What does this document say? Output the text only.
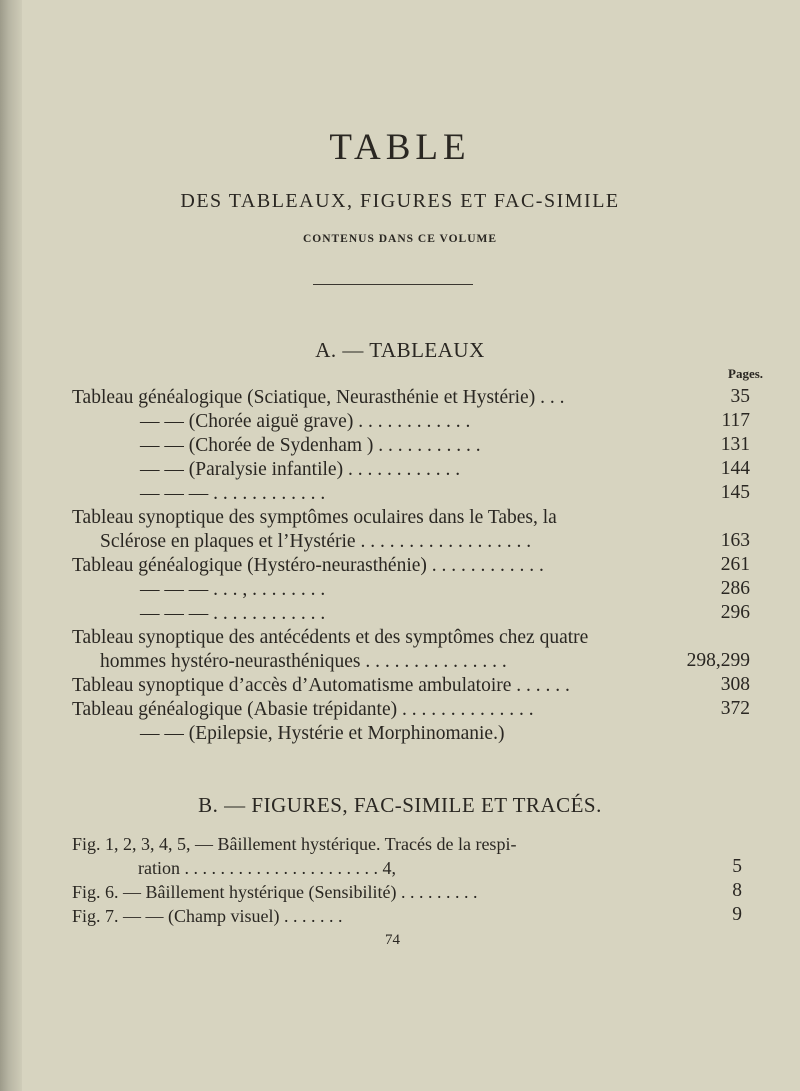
TABLE
DES TABLEAUX, FIGURES ET FAC-SIMILE
CONTENUS DANS CE VOLUME
A. — TABLEAUX
Pages.
Tableau généalogique (Sciatique, Neurasthénie et Hystérie) . . .	35
— — (Chorée aiguë grave) . . . . . . . . . . . .	117
— — (Chorée de Sydenham ) . . . . . . . . . . .	131
— — (Paralysie infantile) . . . . . . . . . . . .	144
— — — . . . . . . . . . . . .	145
Tableau synoptique des symptômes oculaires dans le Tabes, la
Sclérose en plaques et l’Hystérie . . . . . . . . . . . . . . . . . .	163
Tableau généalogique (Hystéro-neurasthénie) . . . . . . . . . . . .	261
— — — . . . , . . . . . . . .	286
— — — . . . . . . . . . . . .	296
Tableau synoptique des antécédents et des symptômes chez quatre
hommes hystéro-neurasthéniques . . . . . . . . . . . . . . .	298,299
Tableau synoptique d’accès d’Automatisme ambulatoire . . . . . .	308
Tableau généalogique (Abasie trépidante) . . . . . . . . . . . . . .	372
— — (Epilepsie, Hystérie et Morphinomanie.)
B. — FIGURES, FAC-SIMILE ET TRACÉS.
Fig. 1, 2, 3, 4, 5, — Bâillement hystérique. Tracés de la respi-
ration . . . . . . . . . . . . . . . . . . . . . . 4,	5
Fig. 6. — Bâillement hystérique (Sensibilité) . . . . . . . . .	8
Fig. 7. — — (Champ visuel) . . . . . . .	9
74
